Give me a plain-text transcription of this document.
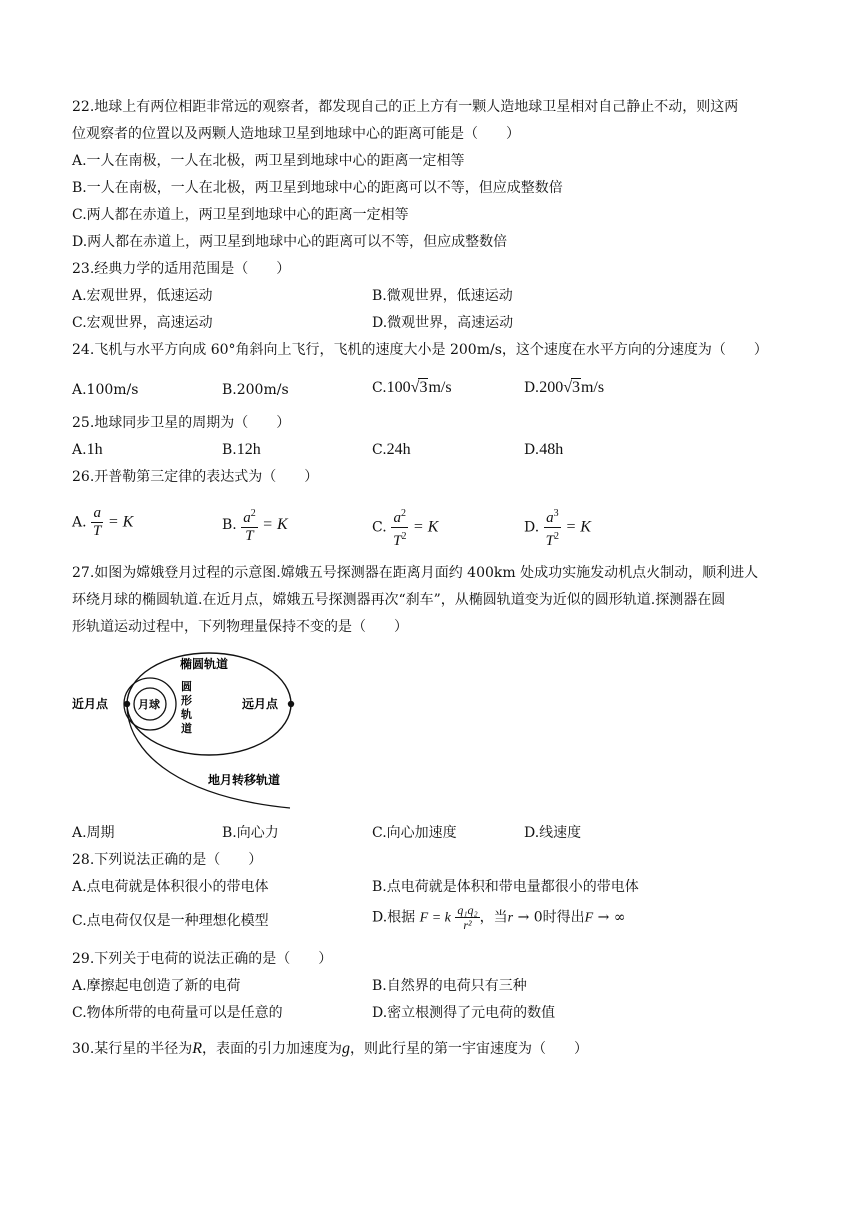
22.地球上有两位相距非常远的观察者，都发现自己的正上方有一颗人造地球卫星相对自己静止不动，则这两
位观察者的位置以及两颗人造地球卫星到地球中心的距离可能是（　　）
A.一人在南极，一人在北极，两卫星到地球中心的距离一定相等
B.一人在南极，一人在北极，两卫星到地球中心的距离可以不等，但应成整数倍
C.两人都在赤道上，两卫星到地球中心的距离一定相等
D.两人都在赤道上，两卫星到地球中心的距离可以不等，但应成整数倍
23.经典力学的适用范围是（　　）
A.宏观世界，低速运动	B.微观世界，低速运动
C.宏观世界，高速运动	D.微观世界，高速运动
24.飞机与水平方向成 60°角斜向上飞行，飞机的速度大小是 200m/s，这个速度在水平方向的分速度为（　　）
A.100m/s	B.200m/s	C.100√3m/s	D.200√3m/s
25.地球同步卫星的周期为（　　）
A.1h	B.12h	C.24h	D.48h
26.开普勒第三定律的表达式为（　　）
A. $\frac{a}{T} = K$	B. $\frac{a^2}{T} = K$	C. $\frac{a^2}{T^2} = K$	D. $\frac{a^3}{T^2} = K$
27.如图为嫦娥登月过程的示意图.嫦娥五号探测器在距离月面约 400km 处成功实施发动机点火制动，顺利进人
环绕月球的椭圆轨道.在近月点，嫦娥五号探测器再次“刹车”，从椭圆轨道变为近似的圆形轨道.探测器在圆
形轨道运动过程中，下列物理量保持不变的是（　　）
椭圆轨道
月球
近月点	远月点
圆
形
轨
道
地月转移轨道
A.周期	B.向心力	C.向心加速度	D.线速度
28.下列说法正确的是（　　）
A.点电荷就是体积很小的带电体	B.点电荷就是体积和带电量都很小的带电体
C.点电荷仅仅是一种理想化模型	D.根据 F = k $\frac{\text{q₁q₂}}{\text{r²}}$ ，当r → 0时得出F → ∞
29.下列关于电荷的说法正确的是（　　）
A.摩擦起电创造了新的电荷	B.自然界的电荷只有三种
C.物体所带的电荷量可以是任意的	D.密立根测得了元电荷的数值
30.某行星的半径为R，表面的引力加速度为g，则此行星的第一宇宙速度为（　　）
